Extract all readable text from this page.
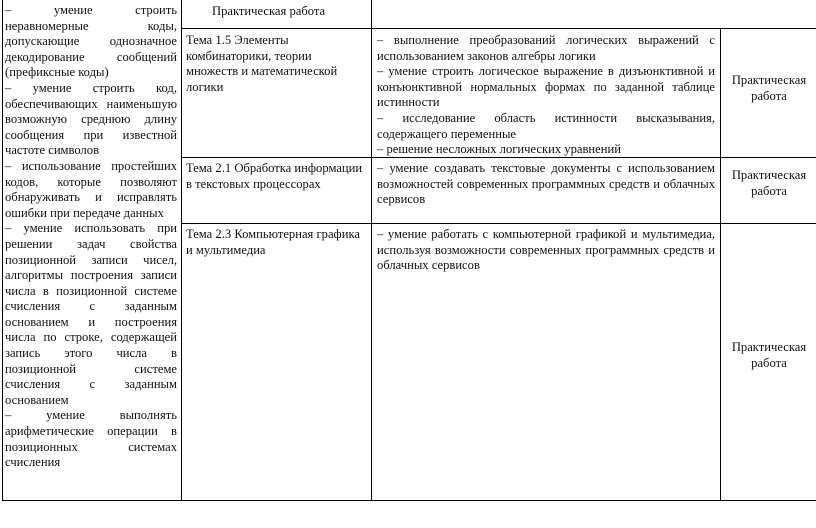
– умение строить неравномерные коды, допускающие однозначное декодирование сообщений (префиксные коды)

– умение строить код, обеспечивающих наименьшую возможную среднюю длину сообщения при известной частоте символов

– использование простейших кодов, которые позволяют обнаруживать и исправлять ошибки при передаче данных

– умение использовать при решении задач свойства позиционной записи чисел, алгоритмы построения записи числа в позиционной системе счисления с заданным основанием и построения числа по строке, содержащей запись этого числа в позиционной системе счисления с заданным основанием

– умение выполнять арифметические операции в позиционных системах счисления

Практическая работа

Тема 1.5 Элементы комбинаторики, теории множеств и математической логики

– выполнение преобразований логических выражений с использованием законов алгебры логики

– умение строить логическое выражение в дизъюнктивной и конъюнктивной нормальных формах по заданной таблице истинности

– исследование область истинности высказывания, содержащего переменные

– решение несложных логических уравнений

Практическая работа

Тема 2.1 Обработка информации в текстовых процессорах

– умение создавать текстовые документы с использованием возможностей современных программных средств и облачных сервисов

Практическая работа

Тема 2.3 Компьютерная графика и мультимедиа

– умение работать с компьютерной графикой и мультимедиа, используя возможности современных программных средств и облачных сервисов

Практическая работа
